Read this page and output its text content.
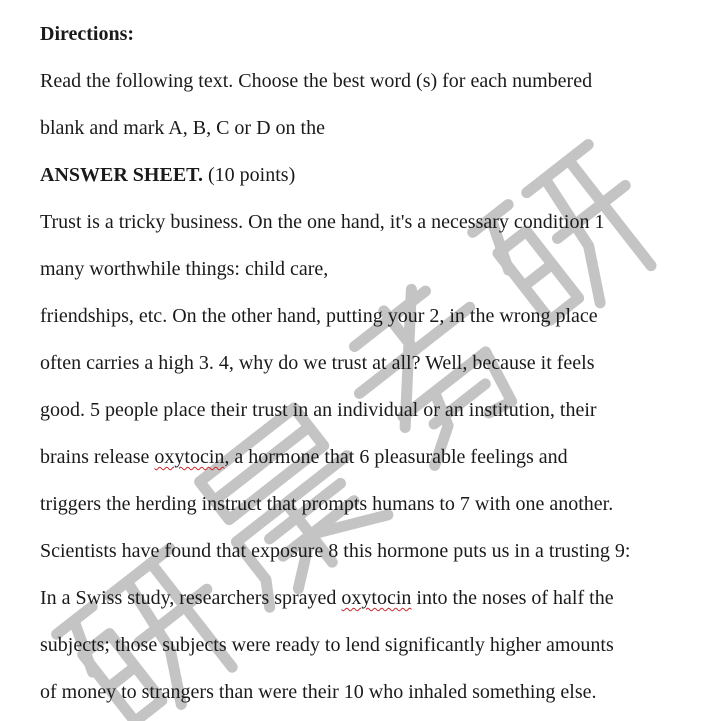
Directions:
Read the following text. Choose the best word (s) for each numbered
blank and mark A, B, C or D on the
ANSWER SHEET. (10 points)
Trust is a tricky business. On the one hand, it's a necessary condition 1
many worthwhile things: child care,
friendships, etc. On the other hand, putting your 2, in the wrong place
often carries a high 3. 4, why do we trust at all? Well, because it feels
good. 5 people place their trust in an individual or an institution, their
brains release oxytocin, a hormone that 6 pleasurable feelings and
triggers the herding instruct that prompts humans to 7 with one another.
Scientists have found that exposure 8 this hormone puts us in a trusting 9:
In a Swiss study, researchers sprayed oxytocin into the noses of half the
subjects; those subjects were ready to lend significantly higher amounts
of money to strangers than were their 10 who inhaled something else.
